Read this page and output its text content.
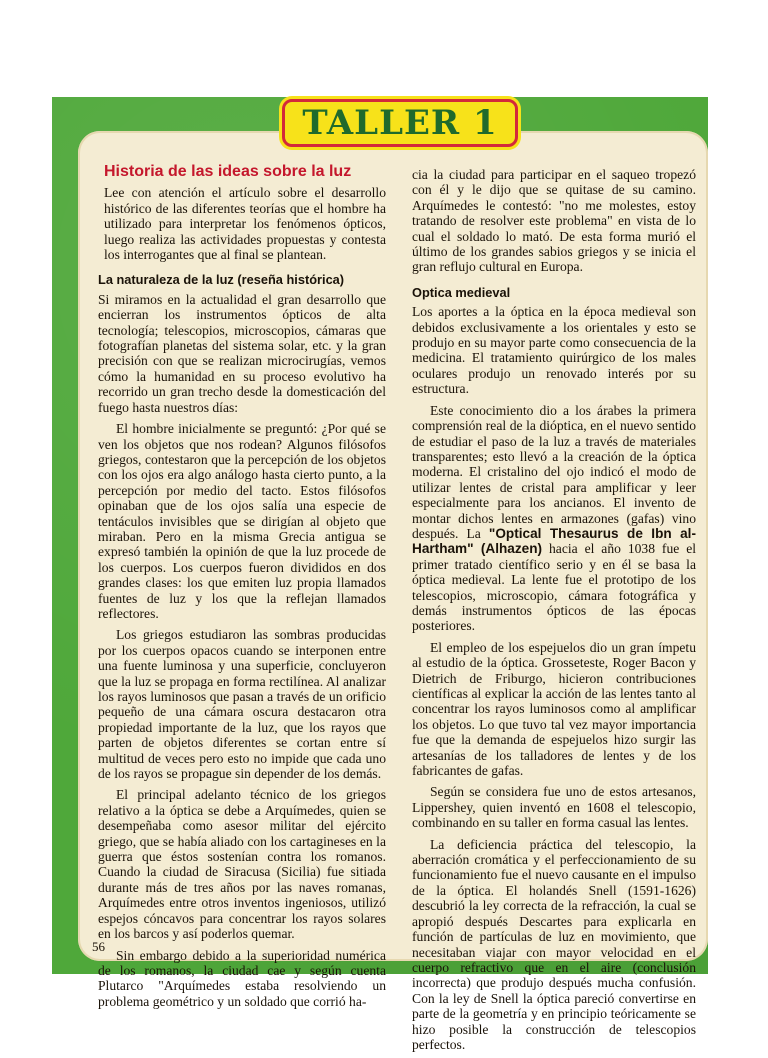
TALLER 1
Historia de las ideas sobre la luz

Lee con atención el artículo sobre el desarrollo histórico de las diferentes teorías que el hombre ha utilizado para interpretar los fenómenos ópticos, luego realiza las actividades propuestas y contesta los interrogantes que al final se plantean.

La naturaleza de la luz (reseña histórica)

Si miramos en la actualidad el gran desarrollo que encierran los instrumentos ópticos de alta tecnología; telescopios, microscopios, cámaras que fotografían planetas del sistema solar, etc. y la gran precisión con que se realizan microcirugías, vemos cómo la humanidad en su proceso evolutivo ha recorrido un gran trecho desde la domesticación del fuego hasta nuestros días:

El hombre inicialmente se preguntó: ¿Por qué se ven los objetos que nos rodean? Algunos filósofos griegos, contestaron que la percepción de los objetos con los ojos era algo análogo hasta cierto punto, a la percepción por medio del tacto. Estos filósofos opinaban que de los ojos salía una especie de tentáculos invisibles que se dirigían al objeto que miraban. Pero en la misma Grecia antigua se expresó también la opinión de que la luz procede de los cuerpos. Los cuerpos fueron divididos en dos grandes clases: los que emiten luz propia llamados fuentes de luz y los que la reflejan llamados reflectores.

Los griegos estudiaron las sombras producidas por los cuerpos opacos cuando se interponen entre una fuente luminosa y una superficie, concluyeron que la luz se propaga en forma rectilínea. Al analizar los rayos luminosos que pasan a través de un orificio pequeño de una cámara oscura destacaron otra propiedad importante de la luz, que los rayos que parten de objetos diferentes se cortan entre sí multitud de veces pero esto no impide que cada uno de los rayos se propague sin depender de los demás.

El principal adelanto técnico de los griegos relativo a la óptica se debe a Arquímedes, quien se desempeñaba como asesor militar del ejército griego, que se había aliado con los cartagineses en la guerra que éstos sostenían contra los romanos. Cuando la ciudad de Siracusa (Sicilia) fue sitiada durante más de tres años por las naves romanas, Arquímedes entre otros inventos ingeniosos, utilizó espejos cóncavos para concentrar los rayos solares en los barcos y así poderlos quemar.

Sin embargo debido a la superioridad numérica de los romanos, la ciudad cae y según cuenta Plutarco "Arquímedes estaba resolviendo un problema geométrico y un soldado que corrió ha-

cia la ciudad para participar en el saqueo tropezó con él y le dijo que se quitase de su camino. Arquímedes le contestó: "no me molestes, estoy tratando de resolver este problema" en vista de lo cual el soldado lo mató. De esta forma murió el último de los grandes sabios griegos y se inicia el gran reflujo cultural en Europa.

Optica medieval

Los aportes a la óptica en la época medieval son debidos exclusivamente a los orientales y esto se produjo en su mayor parte como consecuencia de la medicina. El tratamiento quirúrgico de los males oculares produjo un renovado interés por su estructura.

Este conocimiento dio a los árabes la primera comprensión real de la dióptica, en el nuevo sentido de estudiar el paso de la luz a través de materiales transparentes; esto llevó a la creación de la óptica moderna. El cristalino del ojo indicó el modo de utilizar lentes de cristal para amplificar y leer especialmente para los ancianos. El invento de montar dichos lentes en armazones (gafas) vino después. La "Optical Thesaurus de Ibn al-Hartham" (Alhazen) hacia el año 1038 fue el primer tratado científico serio y en él se basa la óptica medieval. La lente fue el prototipo de los telescopios, microscopio, cámara fotográfica y demás instrumentos ópticos de las épocas posteriores.

El empleo de los espejuelos dio un gran ímpetu al estudio de la óptica. Grosseteste, Roger Bacon y Dietrich de Friburgo, hicieron contribuciones científicas al explicar la acción de las lentes tanto al concentrar los rayos luminosos como al amplificar los objetos. Lo que tuvo tal vez mayor importancia fue que la demanda de espejuelos hizo surgir las artesanías de los talladores de lentes y de los fabricantes de gafas.

Según se considera fue uno de estos artesanos, Lippershey, quien inventó en 1608 el telescopio, combinando en su taller en forma casual las lentes.

La deficiencia práctica del telescopio, la aberración cromática y el perfeccionamiento de su funcionamiento fue el nuevo causante en el impulso de la óptica. El holandés Snell (1591-1626) descubrió la ley correcta de la refracción, la cual se apropió después Descartes para explicarla en función de partículas de luz en movimiento, que necesitaban viajar con mayor velocidad en el cuerpo refractivo que en el aire (conclusión incorrecta) que produjo después mucha confusión. Con la ley de Snell la óptica pareció convertirse en parte de la geometría y en principio teóricamente se hizo posible la construcción de telescopios perfectos.

56
